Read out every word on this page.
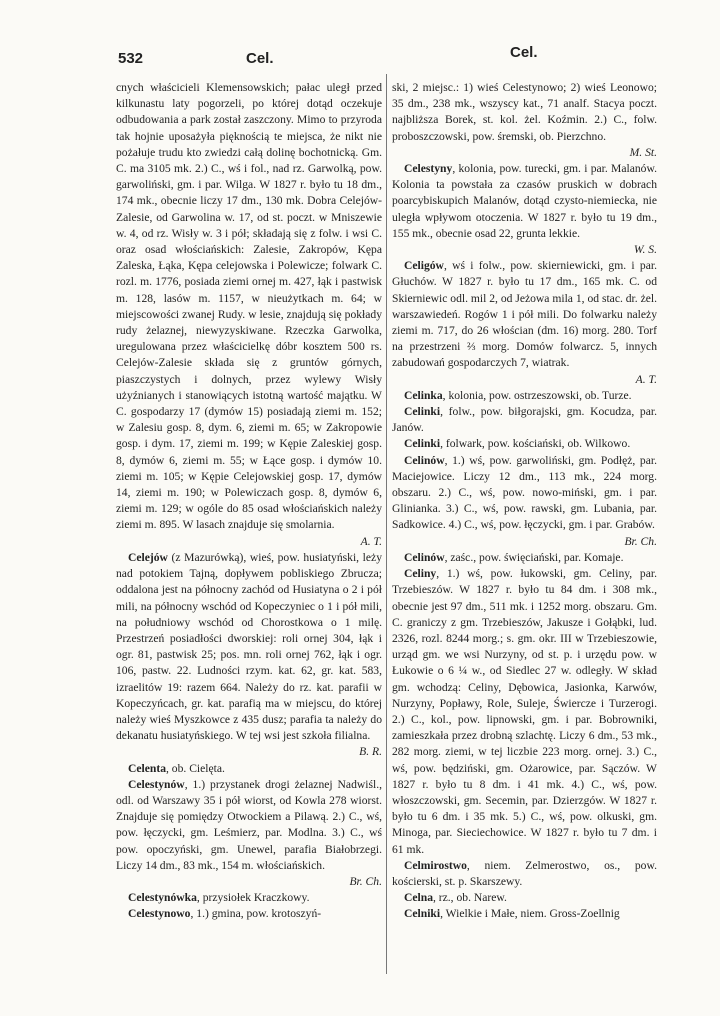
532	Cel.	Cel.

cnych właścicieli Klemensowskich; pałac uległ przed kilkunastu laty pogorzeli, po której dotąd oczekuje odbudowania a park został zaszczony. Mimo to przyroda tak hojnie uposażyła pięknością te miejsca, że nikt nie pożałuje trudu kto zwiedzi całą dolinę bochotnicką. Gm. C. ma 3105 mk. 2.) C., wś i fol., nad rz. Garwolką, pow. garwoliński, gm. i par. Wilga. W 1827 r. było tu 18 dm., 174 mk., obecnie liczy 17 dm., 130 mk. Dobra Celejów-Zalesie, od Garwolina w. 17, od st. poczt. w Mniszewie w. 4, od rz. Wisły w. 3 i pół; składają się z folw. i wsi C. oraz osad włościańskich: Zalesie, Zakropów, Kępa Zaleska, Łąka, Kępa celejowska i Polewicze; folwark C. rozl. m. 1776, posiada ziemi ornej m. 427, łąk i pastwisk m. 128, lasów m. 1157, w nieużytkach m. 64; w miejscowości zwanej Rudy. w lesie, znajdują się pokłady rudy żelaznej, niewyzyskiwane. Rzeczka Garwolka, uregulowana przez właścicielkę dóbr kosztem 500 rs. Celejów-Zalesie składa się z gruntów górnych, piaszczystych i dolnych, przez wylewy Wisły użyźnianych i stanowiących istotną wartość majątku. W C. gospodarzy 17 (dymów 15) posiadają ziemi m. 152; w Zalesiu gosp. 8, dym. 6, ziemi m. 65; w Zakropowie gosp. i dym. 17, ziemi m. 199; w Kępie Zaleskiej gosp. 8, dymów 6, ziemi m. 55; w Łące gosp. i dymów 10. ziemi m. 105; w Kępie Celejowskiej gosp. 17, dymów 14, ziemi m. 190; w Polewiczach gosp. 8, dymów 6, ziemi m. 129; w ogóle do 85 osad włościańskich należy ziemi m. 895. W lasach znajduje się smolarnia.
A. T.

Celejów (z Mazurówką), wieś, pow. husiatyński, leży nad potokiem Tajną, dopływem pobliskiego Zbrucza; oddalona jest na północny zachód od Husiatyna o 2 i pół mili, na północny wschód od Kopeczyniec o 1 i pół mili, na południowy wschód od Chorostkowa o 1 milę. Przestrzeń posiadłości dworskiej: roli ornej 304, łąk i ogr. 81, pastwisk 25; pos. mn. roli ornej 762, łąk i ogr. 106, pastw. 22. Ludności rzym. kat. 62, gr. kat. 583, izraelitów 19: razem 664. Należy do rz. kat. parafii w Kopeczyńcach, gr. kat. parafią ma w miejscu, do której należy wieś Myszkowce z 435 dusz; parafia ta należy do dekanatu husiatyńskiego. W tej wsi jest szkoła filialna.
B. R.

Celenta, ob. Cielęta.

Celestynów, 1.) przystanek drogi żelaznej Nadwiśl., odl. od Warszawy 35 i pół wiorst, od Kowla 278 wiorst. Znajduje się pomiędzy Otwockiem a Pilawą. 2.) C., wś, pow. łęczycki, gm. Leśmierz, par. Modlna. 3.) C., wś pow. opoczyński, gm. Unewel, parafia Białobrzegi. Liczy 14 dm., 83 mk., 154 m. włościańskich.
Br. Ch.

Celestynówka, przysiołek Kraczkowy.

Celestynowo, 1.) gmina, pow. krotoszyń-

ski, 2 miejsc.: 1) wieś Celestynowo; 2) wieś Leonowo; 35 dm., 238 mk., wszyscy kat., 71 analf. Stacya poczt. najbliższa Borek, st. kol. żel. Koźmin. 2.) C., folw. proboszczowski, pow. śremski, ob. Pierzchno.
M. St.

Celestyny, kolonia, pow. turecki, gm. i par. Malanów. Kolonia ta powstała za czasów pruskich w dobrach poarcybiskupich Malanów, dotąd czysto-niemiecka, nie uległa wpływom otoczenia. W 1827 r. było tu 19 dm., 155 mk., obecnie osad 22, grunta lekkie.
W. S.

Celigów, wś i folw., pow. skierniewicki, gm. i par. Głuchów. W 1827 r. było tu 17 dm., 165 mk. C. od Skierniewic odl. mil 2, od Jeżowa mila 1, od stac. dr. żel. warszawiedeń. Rogów 1 i pół mili. Do folwarku należy ziemi m. 717, do 26 włościan (dm. 16) morg. 280. Torf na przestrzeni ⅔ morg. Domów folwarcz. 5, innych zabudowań gospodarczych 7, wiatrak.
A. T.

Celinka, kolonia, pow. ostrzeszowski, ob. Turze.

Celinki, folw., pow. biłgorajski, gm. Kocudza, par. Janów.

Celinki, folwark, pow. kościański, ob. Wilkowo.

Celinów, 1.) wś, pow. garwoliński, gm. Podłęż, par. Maciejowice. Liczy 12 dm., 113 mk., 224 morg. obszaru. 2.) C., wś, pow. nowo-miński, gm. i par. Glinianka. 3.) C., wś, pow. rawski, gm. Lubania, par. Sadkowice. 4.) C., wś, pow. łęczycki, gm. i par. Grabów.
Br. Ch.

Celinów, zaśc., pow. święciański, par. Komaje.

Celiny, 1.) wś, pow. łukowski, gm. Celiny, par. Trzebieszów. W 1827 r. było tu 84 dm. i 308 mk., obecnie jest 97 dm., 511 mk. i 1252 morg. obszaru. Gm. C. graniczy z gm. Trzebieszów, Jakusze i Gołąbki, lud. 2326, rozl. 8244 morg.; s. gm. okr. III w Trzebieszowie, urząd gm. we wsi Nurzyny, od st. p. i urzędu pow. w Łukowie o 6 ¼ w., od Siedlec 27 w. odległy. W skład gm. wchodzą: Celiny, Dębowica, Jasionka, Karwów, Nurzyny, Popławy, Role, Suleje, Świercze i Turzerogi. 2.) C., kol., pow. lipnowski, gm. i par. Bobrowniki, zamieszkała przez drobną szlachtę. Liczy 6 dm., 53 mk., 282 morg. ziemi, w tej liczbie 223 morg. ornej. 3.) C., wś, pow. będziński, gm. Ożarowice, par. Sączów. W 1827 r. było tu 8 dm. i 41 mk. 4.) C., wś, pow. włoszczowski, gm. Secemin, par. Dzierzgów. W 1827 r. było tu 6 dm. i 35 mk. 5.) C., wś, pow. olkuski, gm. Minoga, par. Sieciechowice. W 1827 r. było tu 7 dm. i 61 mk.

Celmirostwo, niem. Zelmerostwo, os., pow. kościerski, st. p. Skarszewy.

Celna, rz., ob. Narew.

Celniki, Wielkie i Małe, niem. Gross-Zoellnig
